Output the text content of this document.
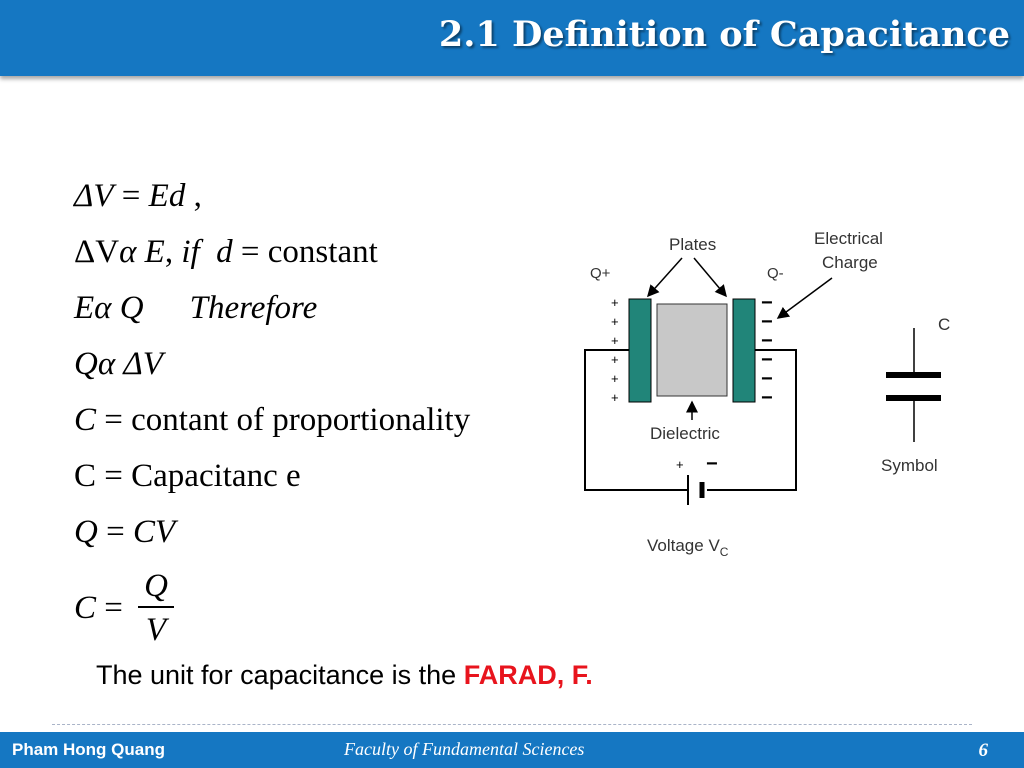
2.1 Definition of Capacitance
ΔV = Ed ,
ΔVα E, if d = constant
Eα Q Therefore
Qα ΔV
C = contant of proportionality
C = Capacitanc e
Q = CV
C =
Q
V
The unit for capacitance is the FARAD, F.
+
+
+
+
+
+
−
−
−
−
−
−
Q+	Q-
Plates	Electrical
Charge
Dielectric
+ −
Voltage $V_C$
C
Symbol
Pham Hong Quang	Faculty of Fundamental Sciences	6
